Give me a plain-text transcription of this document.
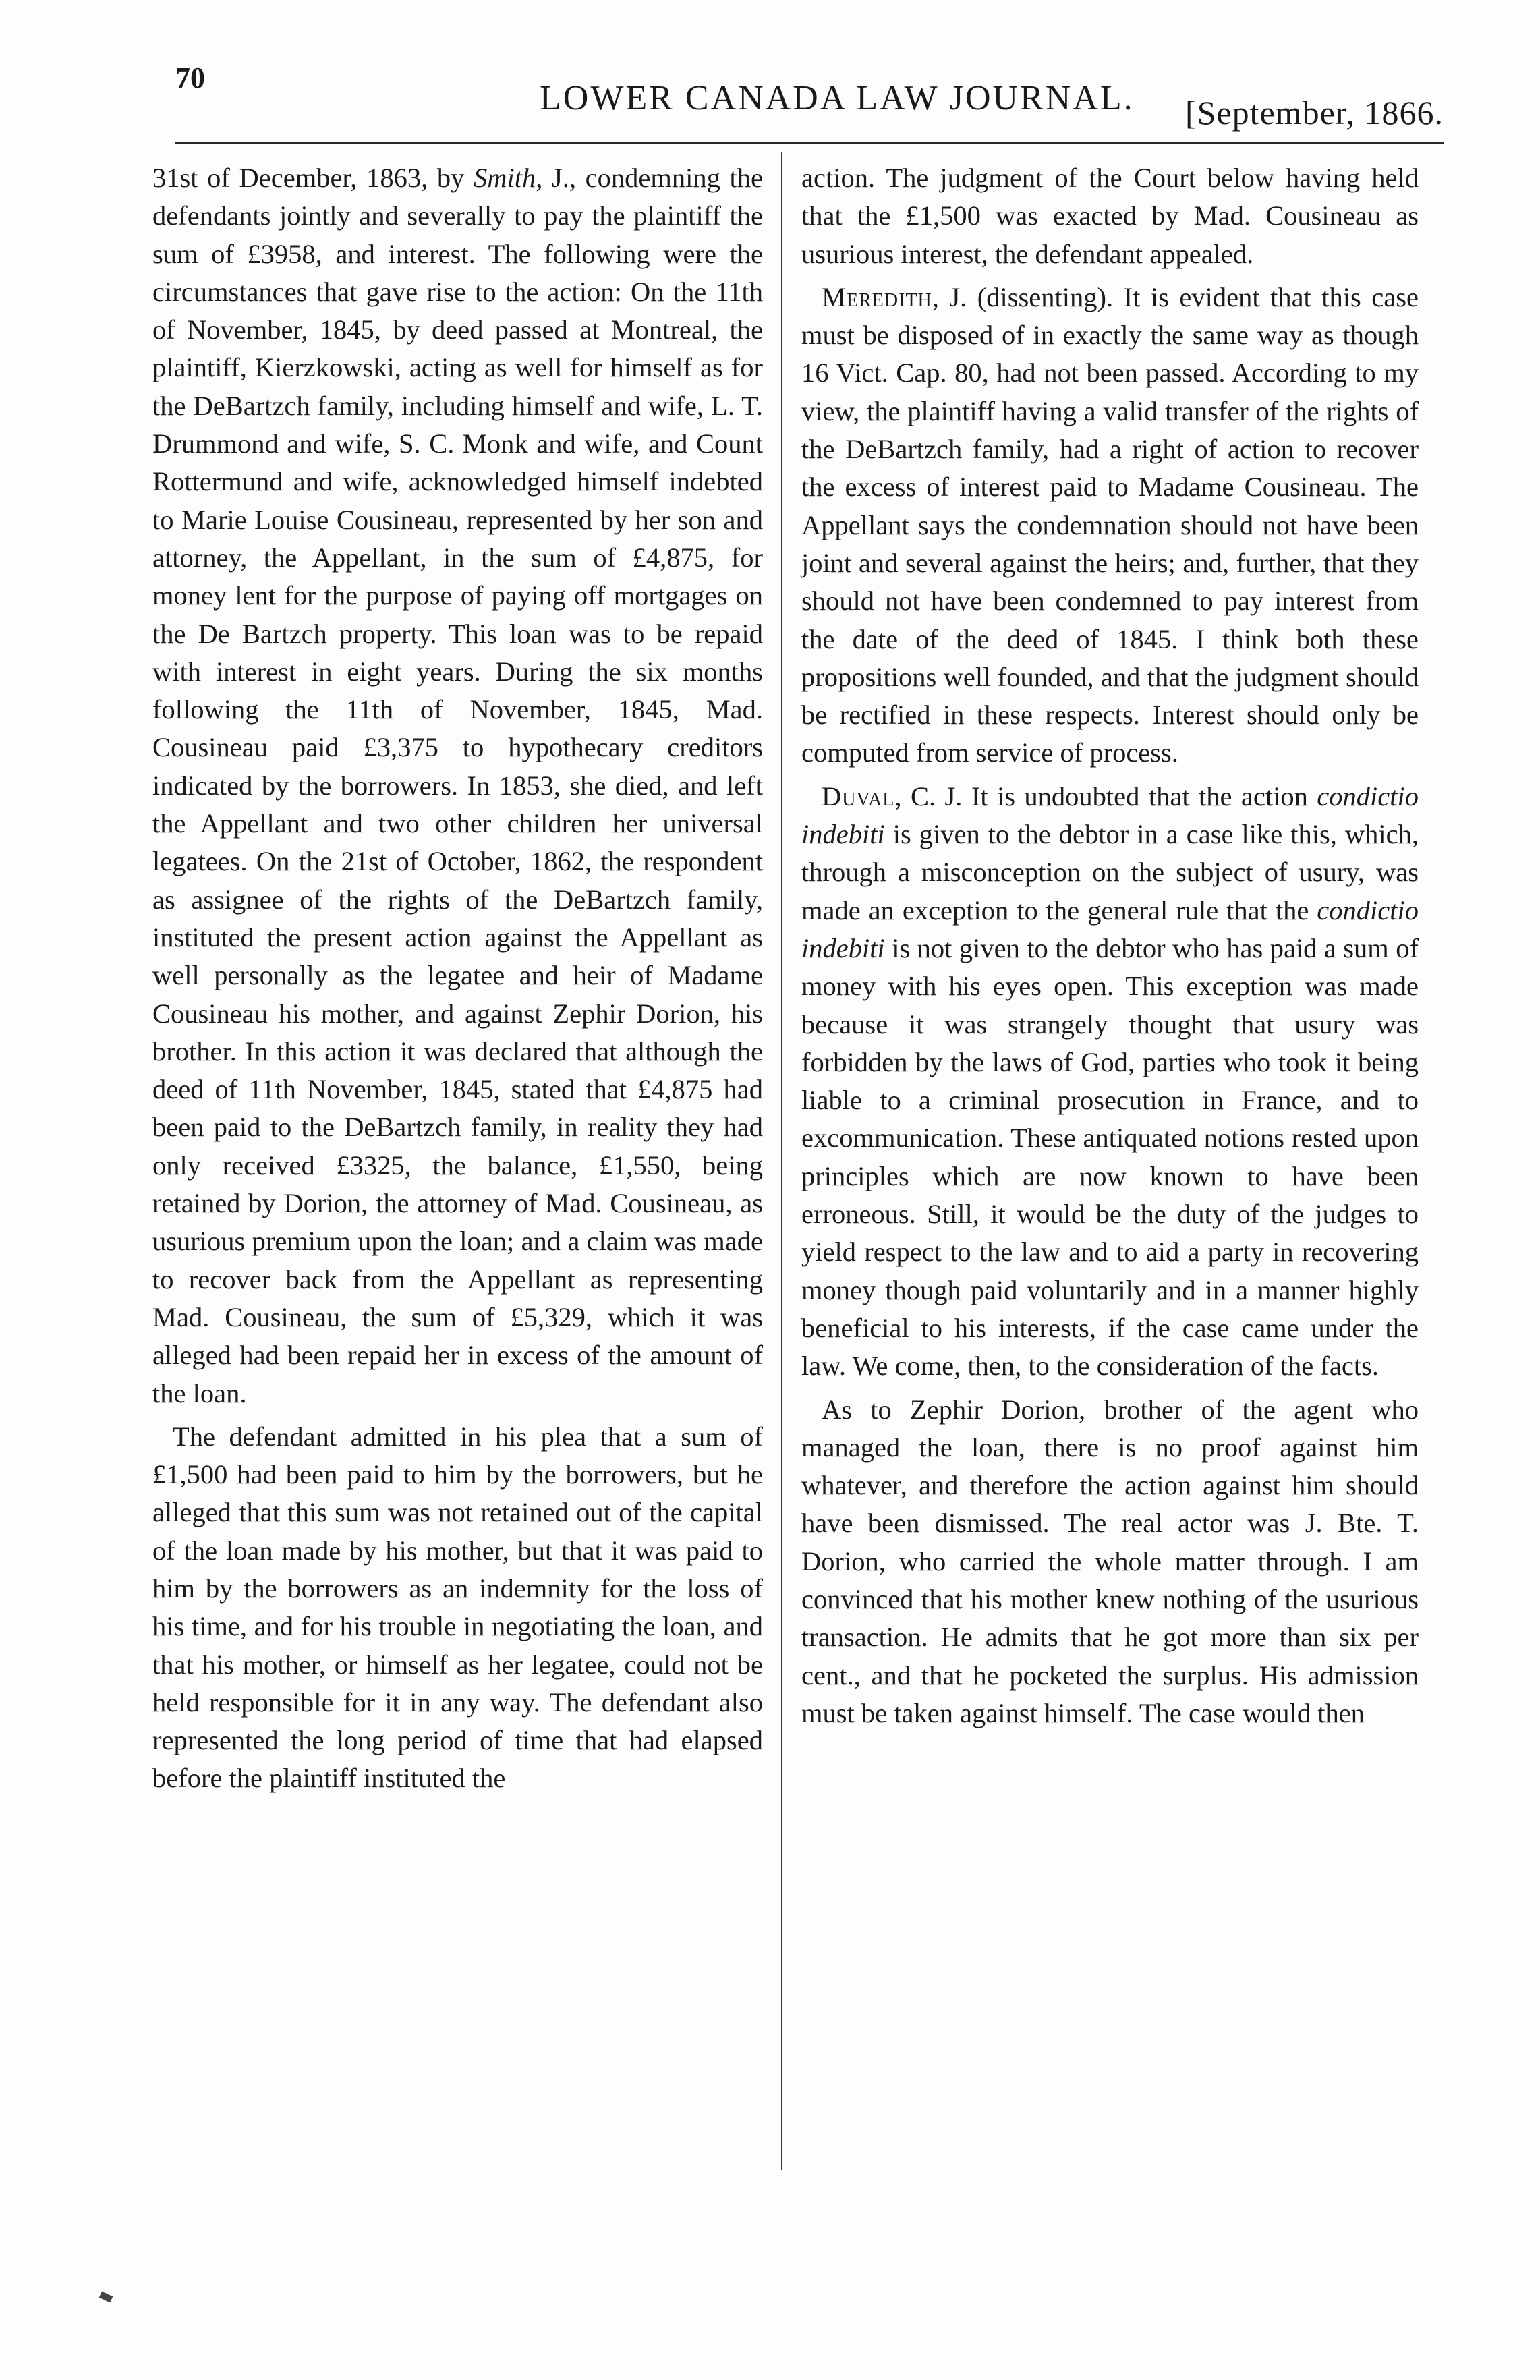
70
LOWER CANADA LAW JOURNAL. [September, 1866.

31st of December, 1863, by Smith, J., condemning the defendants jointly and severally to pay the plaintiff the sum of £3958, and interest. The following were the circumstances that gave rise to the action: On the 11th of November, 1845, by deed passed at Montreal, the plaintiff, Kierzkowski, acting as well for himself as for the DeBartzch family, including himself and wife, L. T. Drummond and wife, S. C. Monk and wife, and Count Rottermund and wife, acknowledged himself indebted to Marie Louise Cousineau, represented by her son and attorney, the Appellant, in the sum of £4,875, for money lent for the purpose of paying off mortgages on the De Bartzch property. This loan was to be repaid with interest in eight years. During the six months following the 11th of November, 1845, Mad. Cousineau paid £3,375 to hypothecary creditors indicated by the borrowers. In 1853, she died, and left the Appellant and two other children her universal legatees. On the 21st of October, 1862, the respondent as assignee of the rights of the DeBartzch family, instituted the present action against the Appellant as well personally as the legatee and heir of Madame Cousineau his mother, and against Zephir Dorion, his brother. In this action it was declared that although the deed of 11th November, 1845, stated that £4,875 had been paid to the DeBartzch family, in reality they had only received £3325, the balance, £1,550, being retained by Dorion, the attorney of Mad. Cousineau, as usurious premium upon the loan; and a claim was made to recover back from the Appellant as representing Mad. Cousineau, the sum of £5,329, which it was alleged had been repaid her in excess of the amount of the loan.

The defendant admitted in his plea that a sum of £1,500 had been paid to him by the borrowers, but he alleged that this sum was not retained out of the capital of the loan made by his mother, but that it was paid to him by the borrowers as an indemnity for the loss of his time, and for his trouble in negotiating the loan, and that his mother, or himself as her legatee, could not be held responsible for it in any way. The defendant also represented the long period of time that had elapsed before the plaintiff instituted the

action. The judgment of the Court below having held that the £1,500 was exacted by Mad. Cousineau as usurious interest, the defendant appealed.

Meredith, J. (dissenting). It is evident that this case must be disposed of in exactly the same way as though 16 Vict. Cap. 80, had not been passed. According to my view, the plaintiff having a valid transfer of the rights of the DeBartzch family, had a right of action to recover the excess of interest paid to Madame Cousineau. The Appellant says the condemnation should not have been joint and several against the heirs; and, further, that they should not have been condemned to pay interest from the date of the deed of 1845. I think both these propositions well founded, and that the judgment should be rectified in these respects. Interest should only be computed from service of process.

Duval, C. J. It is undoubted that the action condictio indebiti is given to the debtor in a case like this, which, through a misconception on the subject of usury, was made an exception to the general rule that the condictio indebiti is not given to the debtor who has paid a sum of money with his eyes open. This exception was made because it was strangely thought that usury was forbidden by the laws of God, parties who took it being liable to a criminal prosecution in France, and to excommunication. These antiquated notions rested upon principles which are now known to have been erroneous. Still, it would be the duty of the judges to yield respect to the law and to aid a party in recovering money though paid voluntarily and in a manner highly beneficial to his interests, if the case came under the law. We come, then, to the consideration of the facts.

As to Zephir Dorion, brother of the agent who managed the loan, there is no proof against him whatever, and therefore the action against him should have been dismissed. The real actor was J. Bte. T. Dorion, who carried the whole matter through. I am convinced that his mother knew nothing of the usurious transaction. He admits that he got more than six per cent., and that he pocketed the surplus. His admission must be taken against himself. The case would then
